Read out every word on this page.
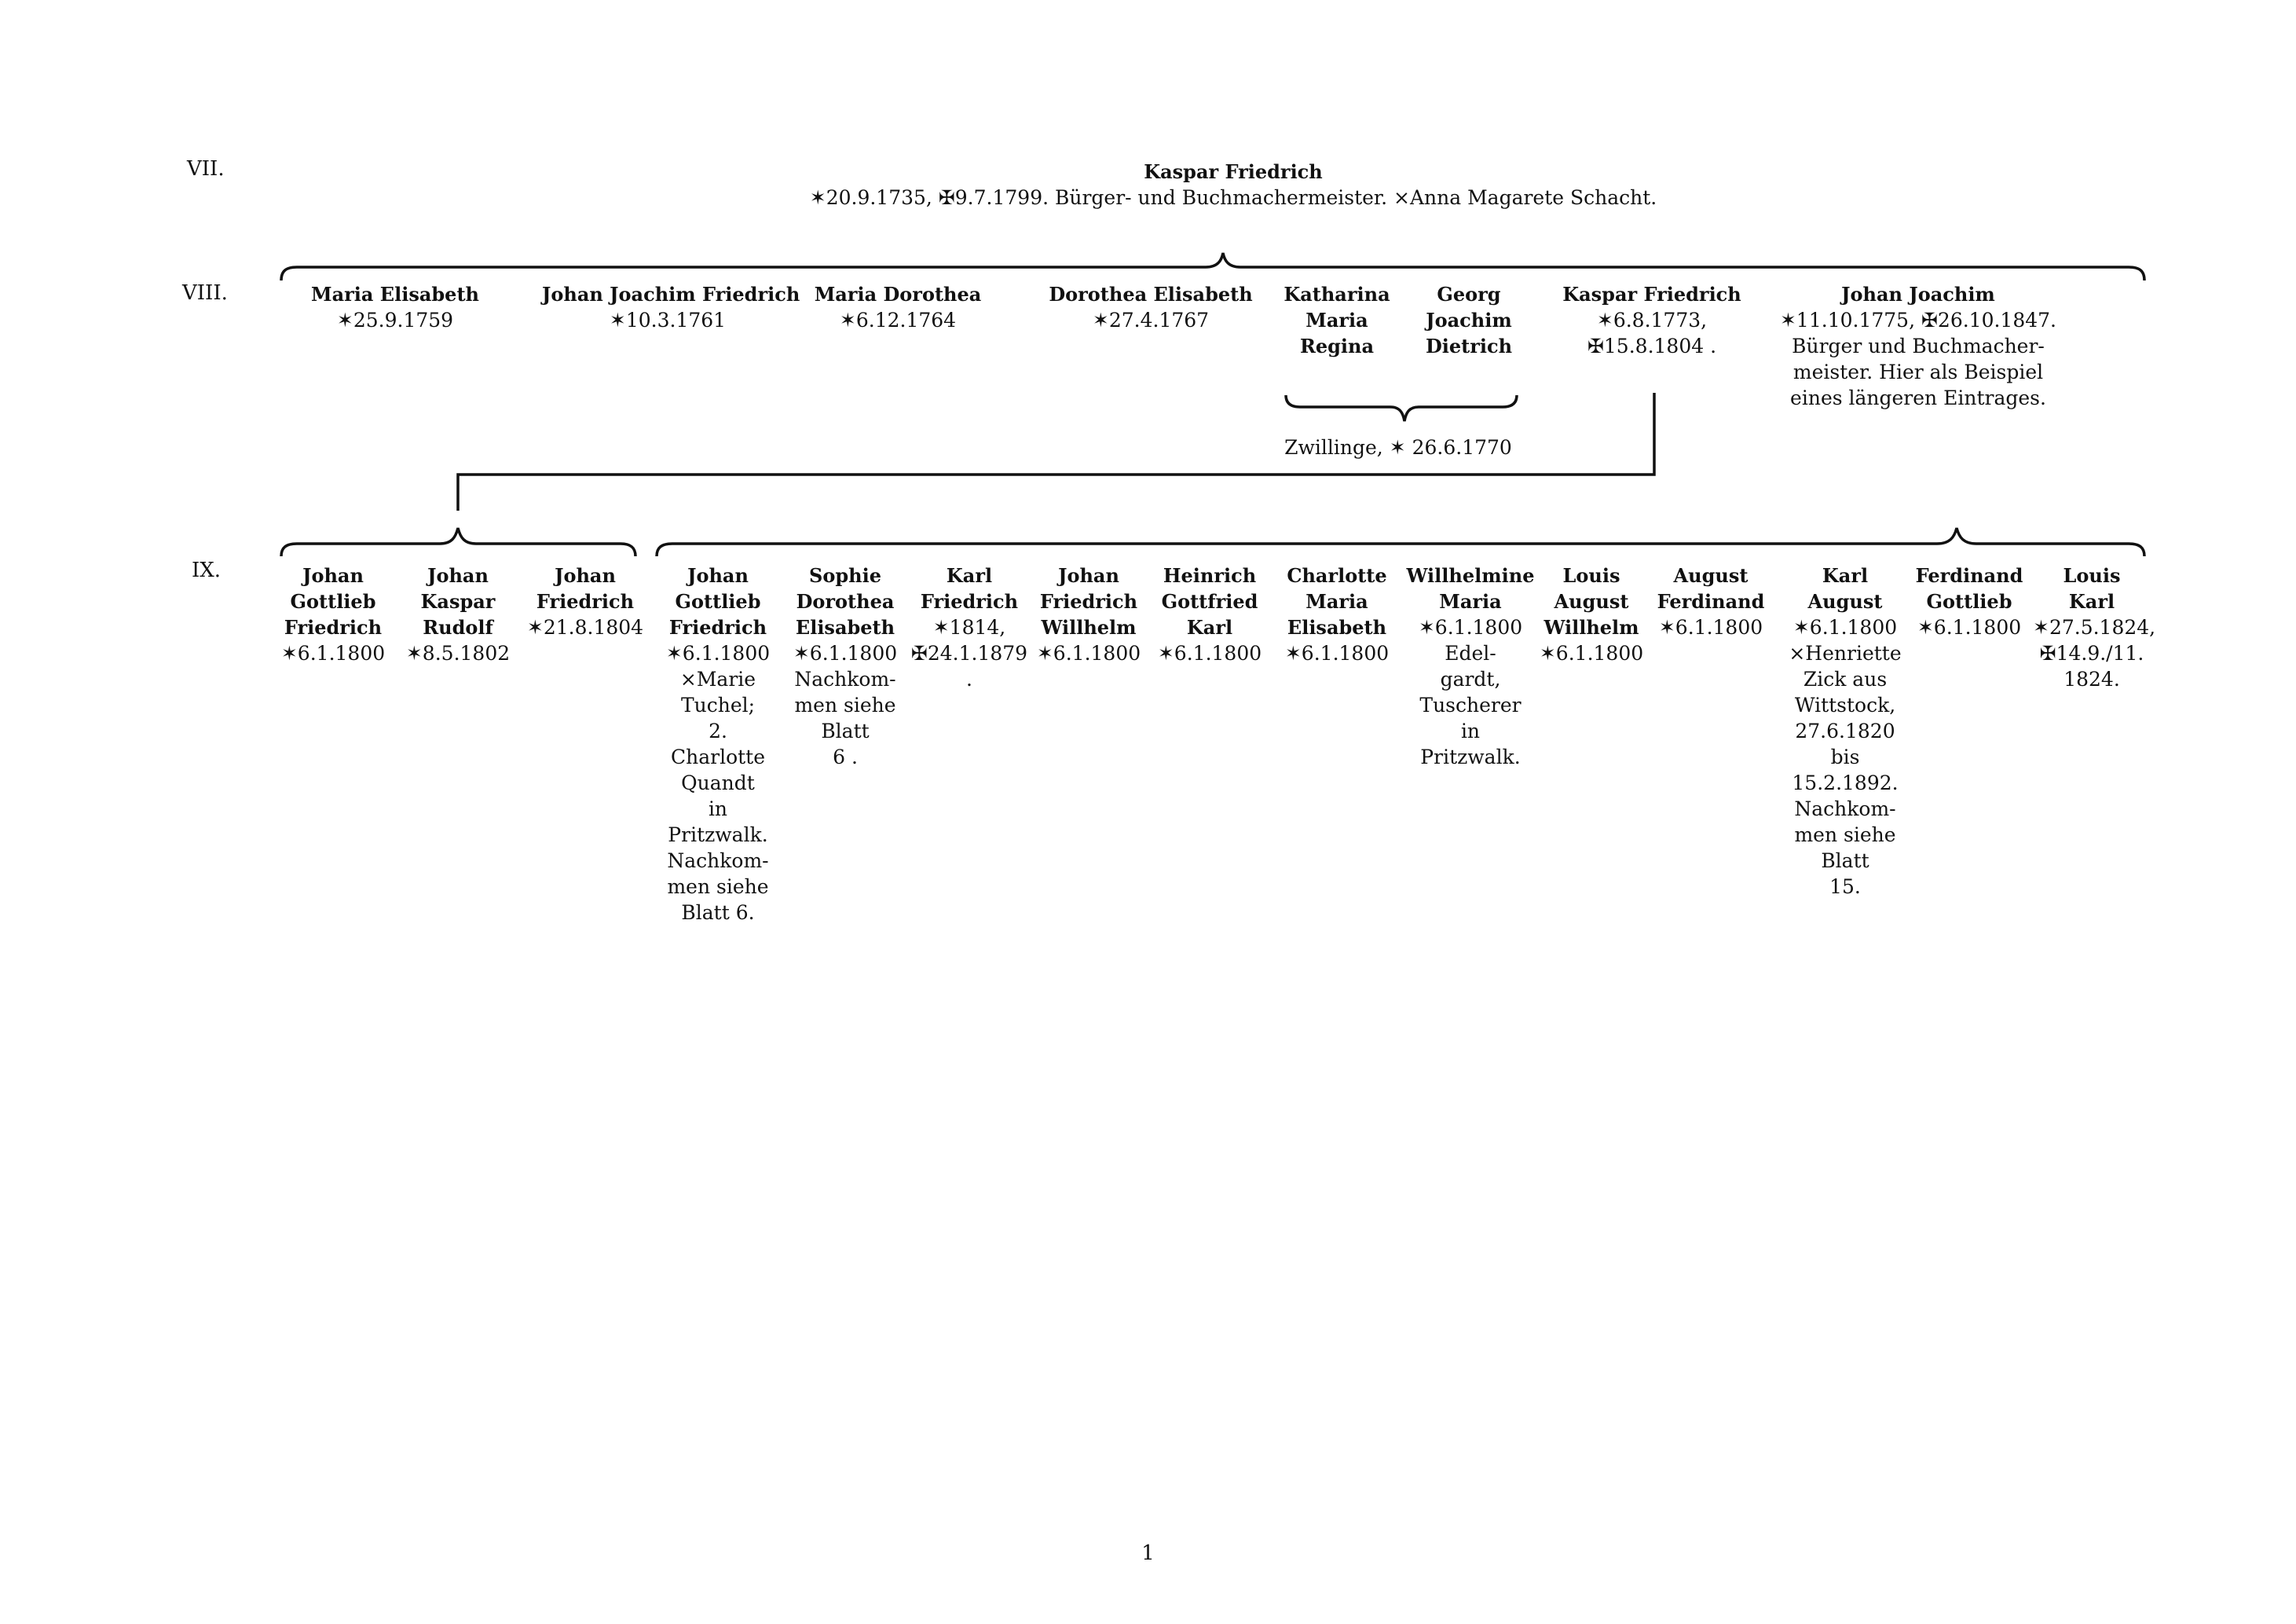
VII.
VIII.
IX.
Kaspar Friedrich
✶20.9.1735, ✠9.7.1799. Bürger- und Buchmachermeister. ⨯Anna Magarete Schacht.
Maria Elisabeth
✶25.9.1759
Johan Joachim Friedrich
✶10.3.1761
Maria Dorothea
✶6.12.1764
Dorothea Elisabeth
✶27.4.1767
Katharina
Maria
Regina
Georg
Joachim
Dietrich
Kaspar Friedrich
✶6.8.1773,
✠15.8.1804 .
Johan Joachim
✶11.10.1775, ✠26.10.1847.
Bürger und Buchmacher-
meister. Hier als Beispiel
eines längeren Eintrages.
Zwillinge, ✶ 26.6.1770
Johan
Gottlieb
Friedrich
✶6.1.1800
Johan
Kaspar
Rudolf
✶8.5.1802
Johan
Friedrich
✶21.8.1804
Johan
Gottlieb
Friedrich
✶6.1.1800
⨯Marie
Tuchel;
2.
Charlotte
Quandt
in
Pritzwalk.
Nachkom-
men siehe
Blatt 6.
Sophie
Dorothea
Elisabeth
✶6.1.1800
Nachkom-
men siehe
Blatt
6 .
Karl
Friedrich
✶1814,
✠24.1.1879
.
Johan
Friedrich
Willhelm
✶6.1.1800
Heinrich
Gottfried
Karl
✶6.1.1800
Charlotte
Maria
Elisabeth
✶6.1.1800
Willhelmine
Maria
✶6.1.1800
Edel-
gardt,
Tuscherer
in
Pritzwalk.
Louis
August
Willhelm
✶6.1.1800
August
Ferdinand
✶6.1.1800
Karl
August
✶6.1.1800
⨯Henriette
Zick aus
Wittstock,
27.6.1820
bis
15.2.1892.
Nachkom-
men siehe
Blatt
15.
Ferdinand
Gottlieb
✶6.1.1800
Louis
Karl
✶27.5.1824,
✠14.9./11.
1824.
1
